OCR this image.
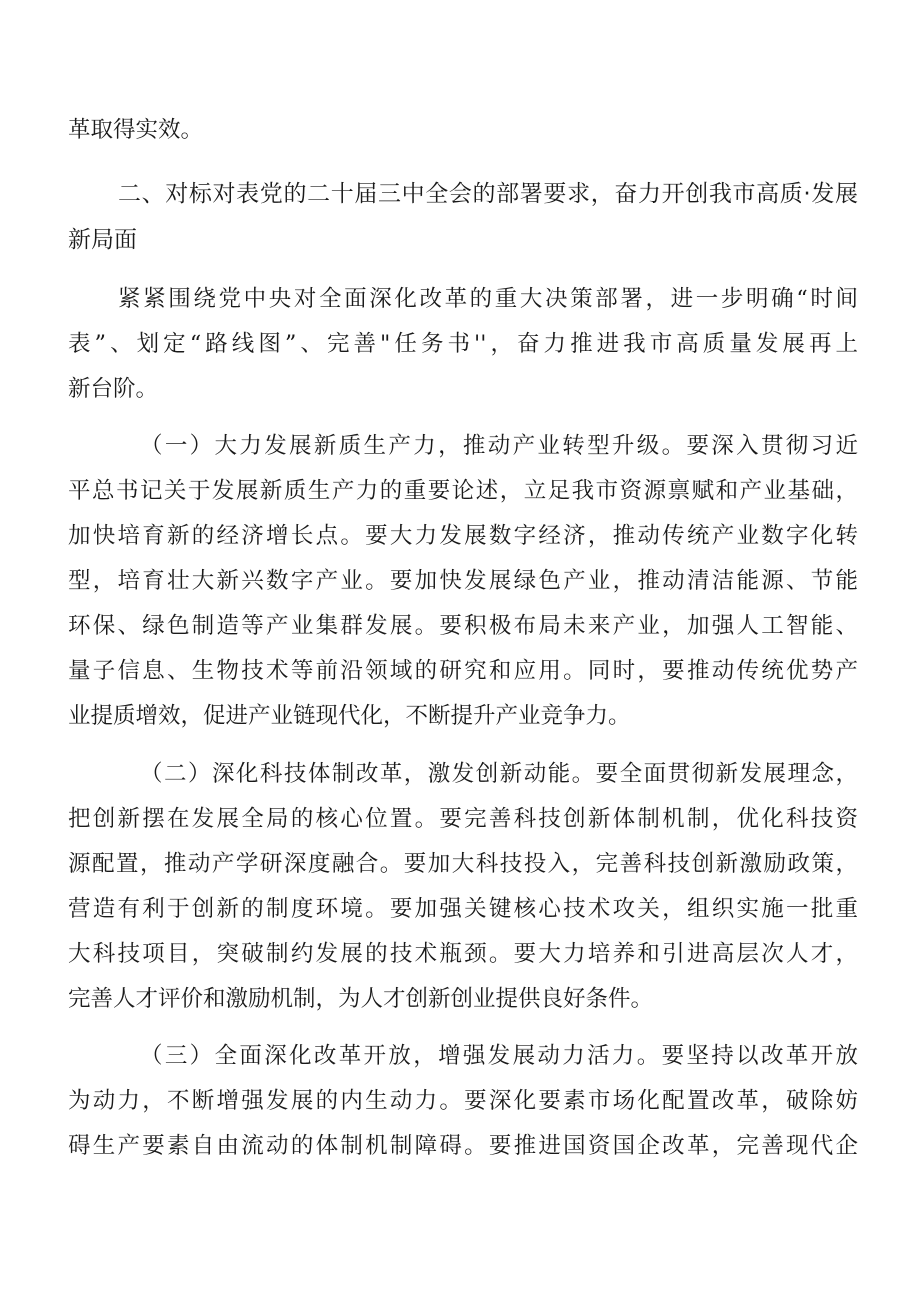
革取得实效。
二、对标对表党的二十届三中全会的部署要求，奋力开创我市高质·发展
新局面
紧紧围绕党中央对全面深化改革的重大决策部署，进一步明确“时间
表”、划定“路线图”、完善"任务书''，奋力推进我市高质量发展再上
新台阶。
（一）大力发展新质生产力，推动产业转型升级。要深入贯彻习近
平总书记关于发展新质生产力的重要论述，立足我市资源禀赋和产业基础，
加快培育新的经济增长点。要大力发展数字经济，推动传统产业数字化转
型，培育壮大新兴数字产业。要加快发展绿色产业，推动清洁能源、节能
环保、绿色制造等产业集群发展。要积极布局未来产业，加强人工智能、
量子信息、生物技术等前沿领域的研究和应用。同时，要推动传统优势产
业提质增效，促进产业链现代化，不断提升产业竞争力。
（二）深化科技体制改革，激发创新动能。要全面贯彻新发展理念，
把创新摆在发展全局的核心位置。要完善科技创新体制机制，优化科技资
源配置，推动产学研深度融合。要加大科技投入，完善科技创新激励政策，
营造有利于创新的制度环境。要加强关键核心技术攻关，组织实施一批重
大科技项目，突破制约发展的技术瓶颈。要大力培养和引进高层次人才，
完善人才评价和激励机制，为人才创新创业提供良好条件。
（三）全面深化改革开放，增强发展动力活力。要坚持以改革开放
为动力，不断增强发展的内生动力。要深化要素市场化配置改革，破除妨
碍生产要素自由流动的体制机制障碍。要推进国资国企改革，完善现代企
